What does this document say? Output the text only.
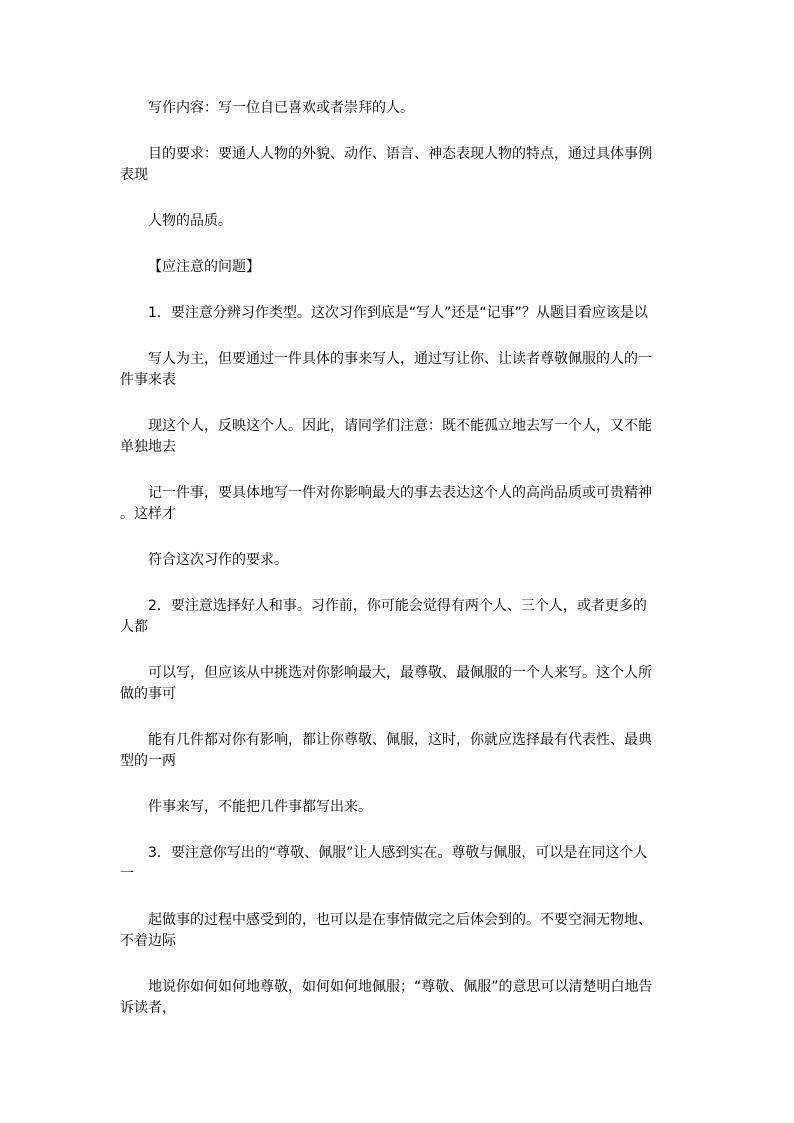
写作内容：写一位自已喜欢或者崇拜的人。
目的要求：要通人人物的外貌、动作、语言、神态表现人物的特点，通过具体事例
表现
人物的品质。
【应注意的问题】
1．要注意分辨习作类型。这次习作到底是“写人”还是“记事”？从题目看应该是以
写人为主，但要通过一件具体的事来写人，通过写让你、让读者尊敬佩服的人的一
件事来表
现这个人，反映这个人。因此，请同学们注意：既不能孤立地去写一个人，又不能
单独地去
记一件事，要具体地写一件对你影响最大的事去表达这个人的高尚品质或可贵精神
。这样才
符合这次习作的要求。
2．要注意选择好人和事。习作前，你可能会觉得有两个人、三个人，或者更多的
人都
可以写，但应该从中挑选对你影响最大，最尊敬、最佩服的一个人来写。这个人所
做的事可
能有几件都对你有影响，都让你尊敬、佩服，这时，你就应选择最有代表性、最典
型的一两
件事来写，不能把几件事都写出来。
3．要注意你写出的“尊敬、佩服”让人感到实在。尊敬与佩服，可以是在同这个人
一
起做事的过程中感受到的，也可以是在事情做完之后体会到的。不要空洞无物地、
不着边际
地说你如何如何地尊敬，如何如何地佩服；“尊敬、佩服”的意思可以清楚明白地告
诉读者，
